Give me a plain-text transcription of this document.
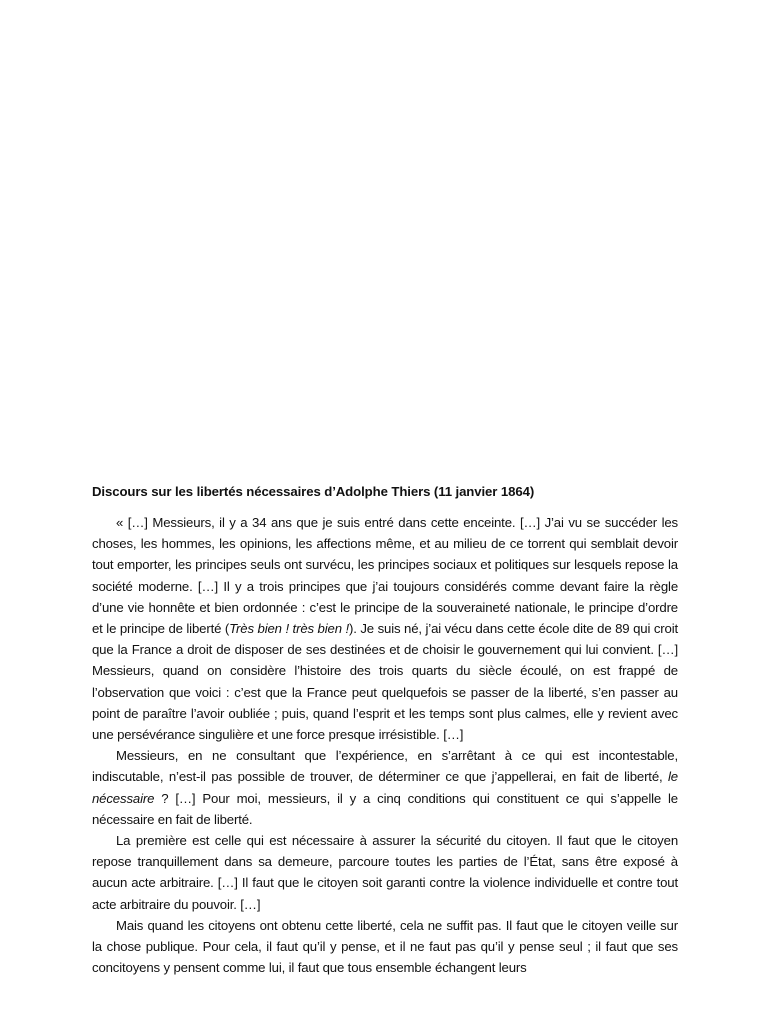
Discours sur les libertés nécessaires d’Adolphe Thiers (11 janvier 1864)

« […] Messieurs, il y a 34 ans que je suis entré dans cette enceinte. […] J’ai vu se succéder les choses, les hommes, les opinions, les affections même, et au milieu de ce torrent qui semblait devoir tout emporter, les principes seuls ont survécu, les principes sociaux et politiques sur lesquels repose la société moderne. […] Il y a trois principes que j’ai toujours considérés comme devant faire la règle d’une vie honnête et bien ordonnée : c’est le principe de la souveraineté nationale, le principe d’ordre et le principe de liberté (Très bien ! très bien !). Je suis né, j’ai vécu dans cette école dite de 89 qui croit que la France a droit de disposer de ses destinées et de choisir le gouvernement qui lui convient. […] Messieurs, quand on considère l’histoire des trois quarts du siècle écoulé, on est frappé de l’observation que voici : c’est que la France peut quelquefois se passer de la liberté, s’en passer au point de paraître l’avoir oubliée ; puis, quand l’esprit et les temps sont plus calmes, elle y revient avec une persévérance singulière et une force presque irrésistible. […]

Messieurs, en ne consultant que l’expérience, en s’arrêtant à ce qui est incontestable, indiscutable, n’est-il pas possible de trouver, de déterminer ce que j’appellerai, en fait de liberté, le nécessaire ? […] Pour moi, messieurs, il y a cinq conditions qui constituent ce qui s’appelle le nécessaire en fait de liberté.

La première est celle qui est nécessaire à assurer la sécurité du citoyen. Il faut que le citoyen repose tranquillement dans sa demeure, parcoure toutes les parties de l’État, sans être exposé à aucun acte arbitraire. […] Il faut que le citoyen soit garanti contre la violence individuelle et contre tout acte arbitraire du pouvoir. […]

Mais quand les citoyens ont obtenu cette liberté, cela ne suffit pas. Il faut que le citoyen veille sur la chose publique. Pour cela, il faut qu’il y pense, et il ne faut pas qu’il y pense seul ; il faut que ses concitoyens y pensent comme lui, il faut que tous ensemble échangent leurs
